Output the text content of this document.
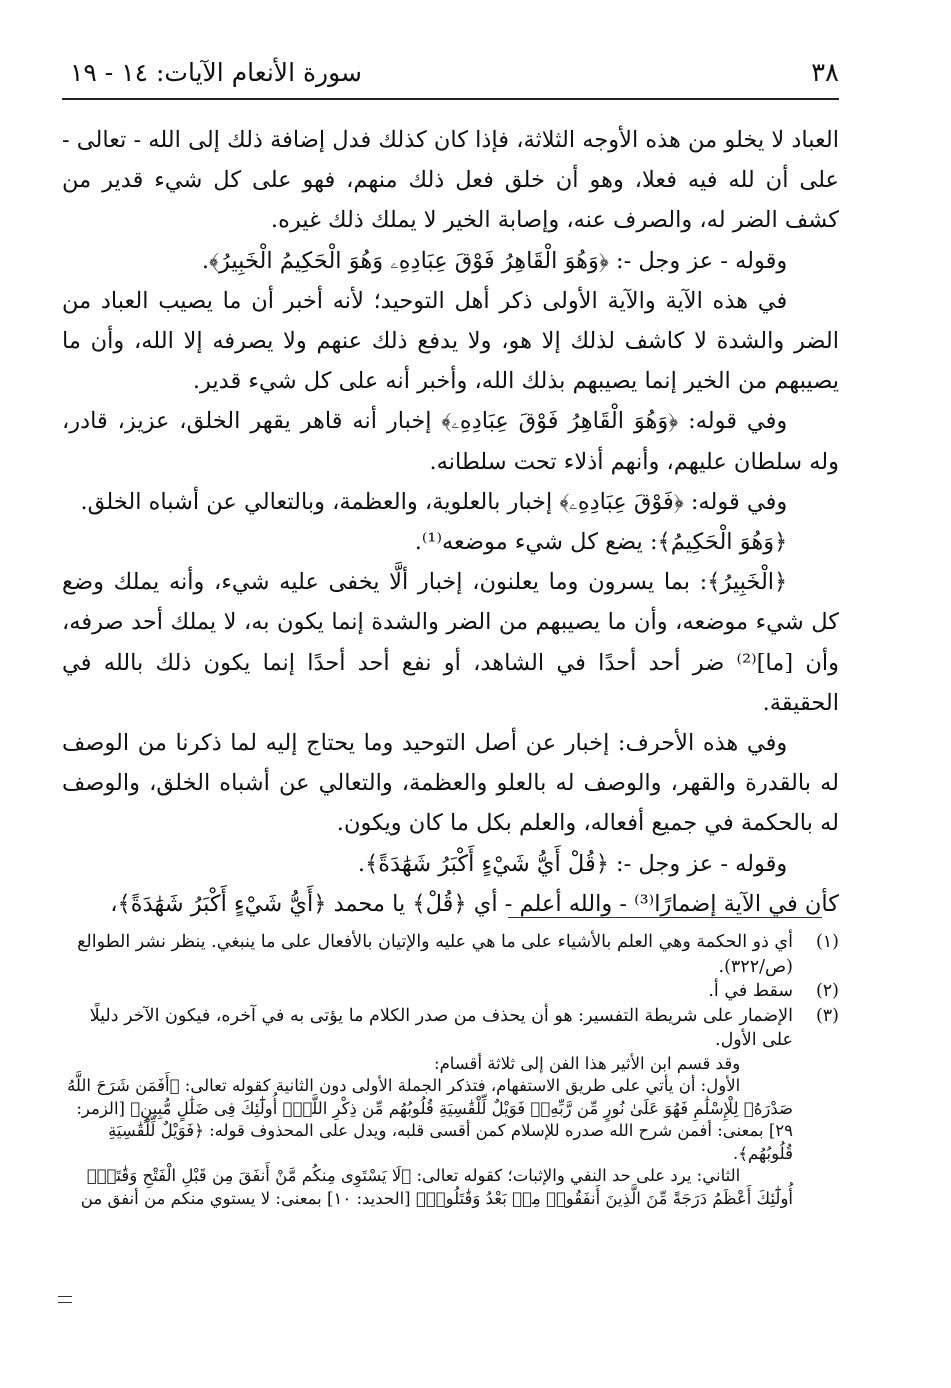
٣٨
سورة الأنعام الآيات: ١٤ - ١٩

العباد لا يخلو من هذه الأوجه الثلاثة، فإذا كان كذلك فدل إضافة ذلك إلى الله - تعالى - على أن لله فيه فعلا، وهو أن خلق فعل ذلك منهم، فهو على كل شيء قدير من كشف الضر له، والصرف عنه، وإصابة الخير لا يملك ذلك غيره.

وقوله - عز وجل -: ﴿وَهُوَ الْقَاهِرُ فَوْقَ عِبَادِهِۦ وَهُوَ الْحَكِيمُ الْخَبِيرُ﴾.

في هذه الآية والآية الأولى ذكر أهل التوحيد؛ لأنه أخبر أن ما يصيب العباد من الضر والشدة لا كاشف لذلك إلا هو، ولا يدفع ذلك عنهم ولا يصرفه إلا الله، وأن ما يصيبهم من الخير إنما يصيبهم بذلك الله، وأخبر أنه على كل شيء قدير.

وفي قوله: ﴿وَهُوَ الْقَاهِرُ فَوْقَ عِبَادِهِۦ﴾ إخبار أنه قاهر يقهر الخلق، عزيز، قادر، وله سلطان عليهم، وأنهم أذلاء تحت سلطانه.

وفي قوله: ﴿فَوْقَ عِبَادِهِۦ﴾ إخبار بالعلوية، والعظمة، وبالتعالي عن أشباه الخلق.

﴿وَهُوَ الْحَكِيمُ﴾: يضع كل شيء موضعه⁽¹⁾.

﴿الْخَبِيرُ﴾: بما يسرون وما يعلنون، إخبار ألَّا يخفى عليه شيء، وأنه يملك وضع كل شيء موضعه، وأن ما يصيبهم من الضر والشدة إنما يكون به، لا يملك أحد صرفه، وأن [ما]⁽²⁾ ضر أحد أحدًا في الشاهد، أو نفع أحد أحدًا إنما يكون ذلك بالله في الحقيقة.

وفي هذه الأحرف: إخبار عن أصل التوحيد وما يحتاج إليه لما ذكرنا من الوصف له بالقدرة والقهر، والوصف له بالعلو والعظمة، والتعالي عن أشباه الخلق، والوصف له بالحكمة في جميع أفعاله، والعلم بكل ما كان ويكون.

وقوله - عز وجل -: ﴿قُلْ أَيُّ شَيْءٍ أَكْبَرُ شَهَٰدَةً﴾.

كأن في الآية إضمارًا⁽³⁾ - والله أعلم - أي ﴿قُلْ﴾ يا محمد ﴿أَيُّ شَيْءٍ أَكْبَرُ شَهَٰدَةً﴾،

(١)
أي ذو الحكمة وهي العلم بالأشياء على ما هي عليه والإتيان بالأفعال على ما ينبغي. ينظر نشر الطوالع (ص/٣٢٢).

(٢)
سقط في أ.

(٣)
الإضمار على شريطة التفسير: هو أن يحذف من صدر الكلام ما يؤتى به في آخره، فيكون الآخر دليلًا على الأول.

وقد قسم ابن الأثير هذا الفن إلى ثلاثة أقسام:

الأول: أن يأتي على طريق الاستفهام، فتذكر الجملة الأولى دون الثانية كقوله تعالى: ﴿أَفَمَن شَرَحَ اللَّهُ صَدْرَهُۥ لِلْإِسْلَٰمِ فَهُوَ عَلَىٰ نُورٍ مِّن رَّبِّهِۦۚ فَوَيْلٌ لِّلْقَٰسِيَةِ قُلُوبُهُم مِّن ذِكْرِ اللَّهِۚ أُولَٰٓئِكَ فِى ضَلَٰلٍ مُّبِينٍ﴾ [الزمر: ٢٩] بمعنى: أفمن شرح الله صدره للإسلام كمن أقسى قلبه، ويدل على المحذوف قوله: ﴿فَوَيْلٌ لِّلْقَٰسِيَةِ قُلُوبُهُم﴾.

الثاني: يرد على حد النفي والإثبات؛ كقوله تعالى: ﴿لَا يَسْتَوِى مِنكُم مَّنْ أَنفَقَ مِن قَبْلِ الْفَتْحِ وَقَٰتَلَۚ أُولَٰٓئِكَ أَعْظَمُ دَرَجَةً مِّنَ الَّذِينَ أَنفَقُوا۟ مِنۢ بَعْدُ وَقَٰتَلُوا۟﴾ [الحديد: ١٠] بمعنى: لا يستوي منكم من أنفق من
